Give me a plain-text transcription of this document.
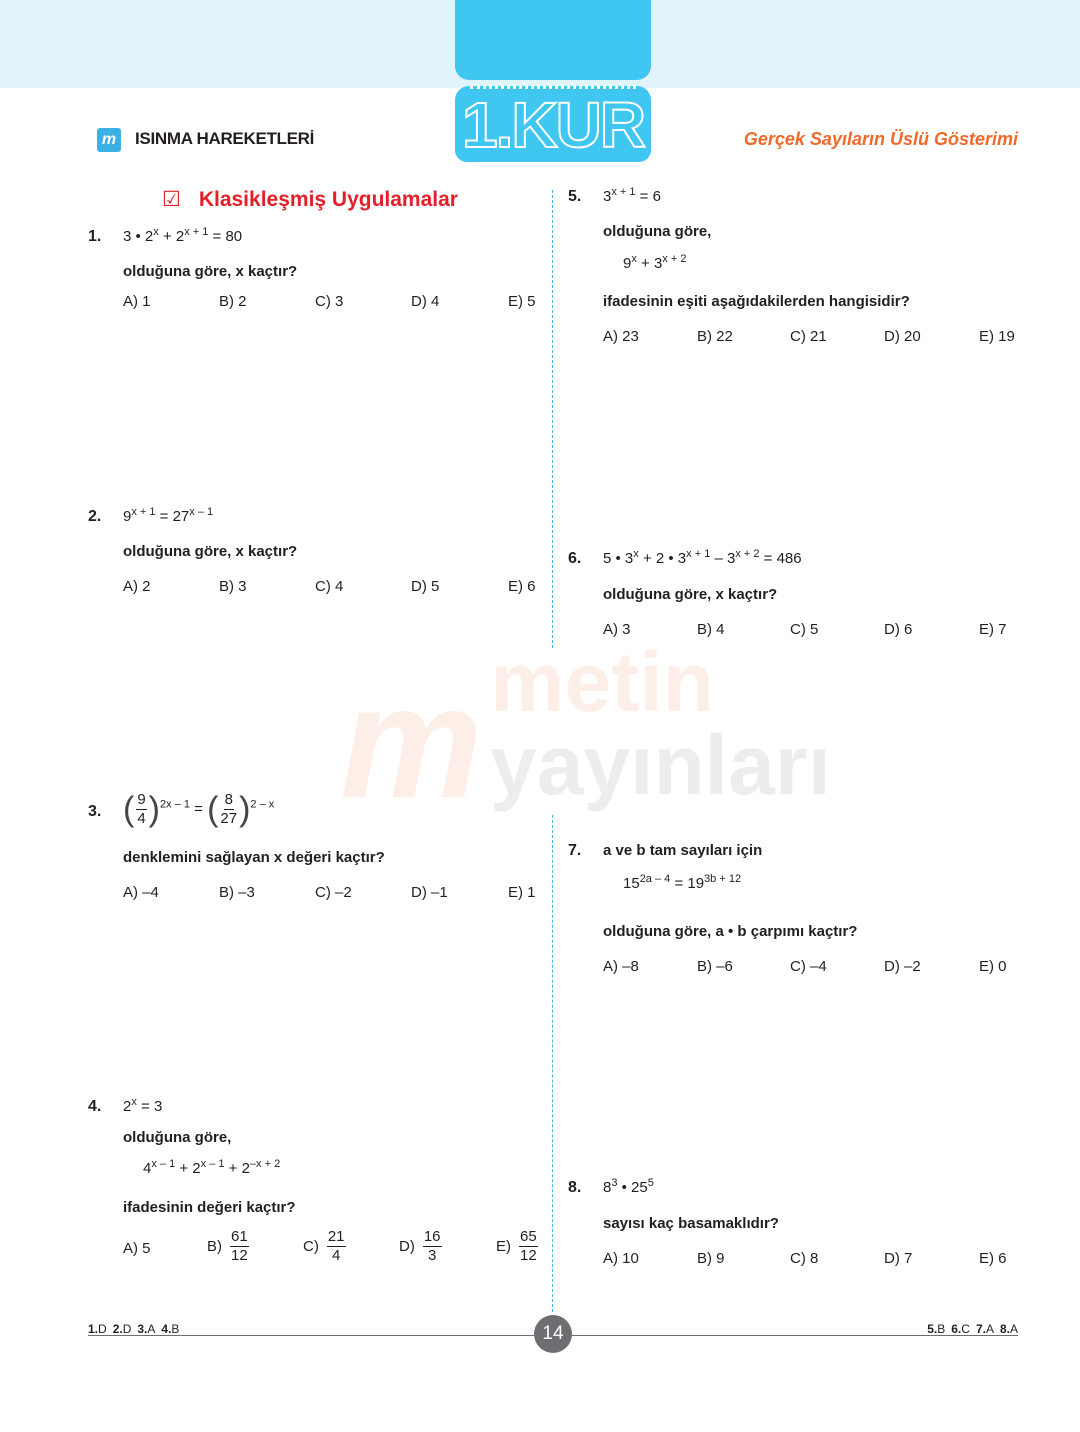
1.KUR
m ISINMA HAREKETLERİ	Gerçek Sayıların Üslü Gösterimi
☑ Klasikleşmiş Uygulamalar
m metin
yayınları
1. 3 • $2^x + 2^{x + 1} = 80$
olduğuna göre, x kaçtır?
A) 1	B) 2	C) 3	D) 4	E) 5
2. $9^{x + 1} = 27^{x - 1}$
olduğuna göre, x kaçtır?
A) 2	B) 3	C) 4	D) 5	E) 6
3. ( $\frac{9}{4} )^{2x - 1}$ = ( $\frac{8}{27} )^{2 - x}$
denklemini sağlayan x değeri kaçtır?
A) –4	B) –3	C) –2	D) –1	E) 1
4. $2^x = 3$
olduğuna göre,
$4^{x - 1} + 2^{x - 1} + 2^{-x + 2}$
ifadesinin değeri kaçtır?
A) 5	$B) \frac{61}{12}$	$C) \frac{21}{4}$	$D) \frac{16}{3}$	$E) \frac{65}{12}$
5. $3^{x + 1} = 6$
olduğuna göre,
$9^x + 3^{x + 2}$
ifadesinin eşiti aşağıdakilerden hangisidir?
A) 23	B) 22	C) 21	D) 20	E) 19
6. 5 • $3^x + 2$ • $3^{x + 1} - 3^{x + 2} = 486$
olduğuna göre, x kaçtır?
A) 3	B) 4	C) 5	D) 6	E) 7
7. a ve b tam sayıları için
$15^{2a - 4} = 19^{3b + 12}$
olduğuna göre, a • b çarpımı kaçtır?
A) –8	B) –6	C) –4	D) –2	E) 0
8. $8^3$ • $25^5$
sayısı kaç basamaklıdır?
A) 10	B) 9	C) 8	D) 7	E) 6
1.D 2.D 3.A 4.B	5.B 6.C 7.A 8.A
14
